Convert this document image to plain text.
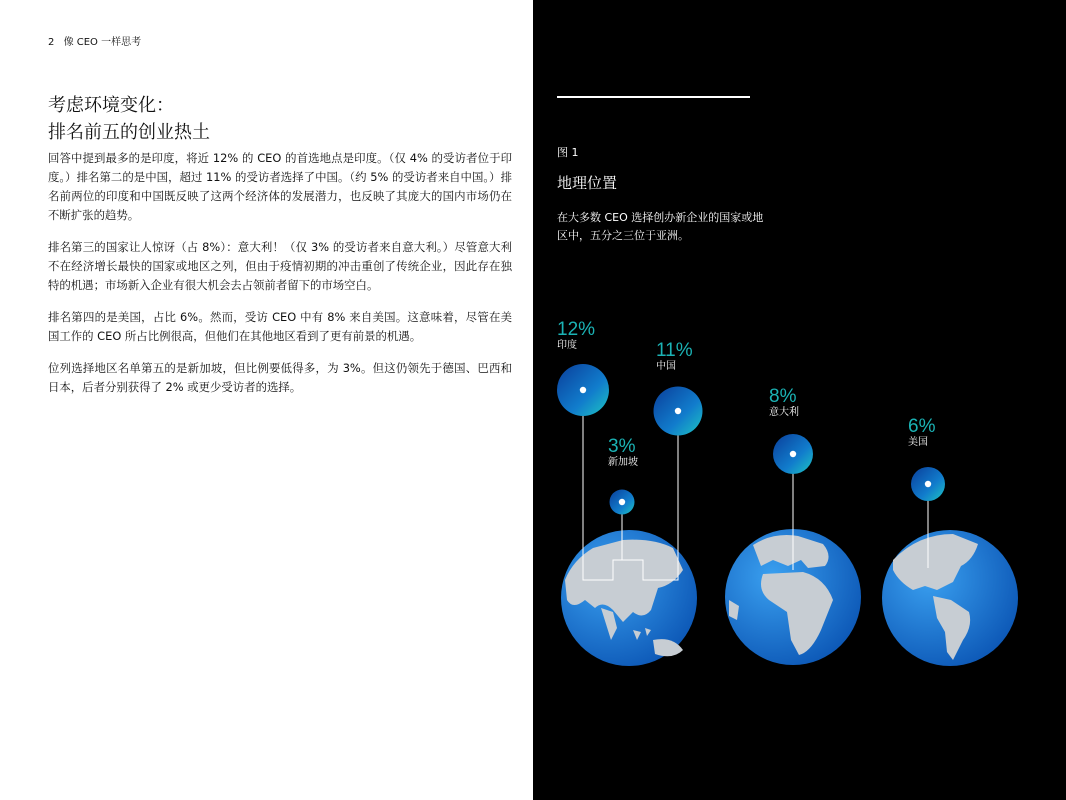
2 像 CEO 一样思考
考虑环境变化：
排名前五的创业热土

回答中提到最多的是印度，将近 12% 的 CEO 的首选地点是印度。（仅 4% 的受访者位于印度。）排名第二的是中国，超过 11% 的受访者选择了中国。（约 5% 的受访者来自中国。）排名前两位的印度和中国既反映了这两个经济体的发展潜力，也反映了其庞大的国内市场仍在不断扩张的趋势。

排名第三的国家让人惊讶（占 8%）：意大利！（仅 3% 的受访者来自意大利。）尽管意大利不在经济增长最快的国家或地区之列，但由于疫情初期的冲击重创了传统企业，因此存在独特的机遇；市场新入企业有很大机会去占领前者留下的市场空白。

排名第四的是美国，占比 6%。然而，受访 CEO 中有 8% 来自美国。这意味着，尽管在美国工作的 CEO 所占比例很高，但他们在其他地区看到了更有前景的机遇。

位列选择地区名单第五的是新加坡，但比例要低得多，为 3%。但这仍领先于德国、巴西和日本，后者分别获得了 2% 或更少受访者的选择。

图 1
地理位置
在大多数 CEO 选择创办新企业的国家或地区中，五分之三位于亚洲。
12%
印度	11%
中国
3%
新加坡
8%
意大利
6%
美国
